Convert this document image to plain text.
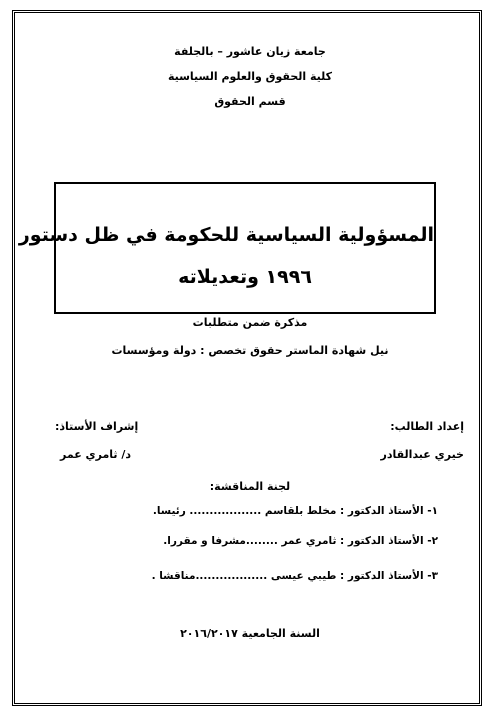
جامعة زيان عاشور – بالجلفة
كلية الحقوق والعلوم السياسية
قسم الحقوق
المسؤولية السياسية للحكومة في ظل دستور
١٩٩٦ وتعديلاته
مذكرة ضمن متطلبات
نيل شهادة الماستر حقوق تخصص : دولة ومؤسسات
إعداد الطالب:
خيري عبدالقادر
إشراف الأستاذ:
د/ ثامري عمر
لجنة المناقشة:
١- الأستاذ الدكتور : مخلط بلقاسم .................. رئيسا.
٢- الأستاذ الدكتور : ثامري عمر ........مشرفا و مقررا.
٣- الأستاذ الدكتور : طيبي عيسى ..................مناقشا .
السنة الجامعية ٢٠١٦/٢٠١٧
